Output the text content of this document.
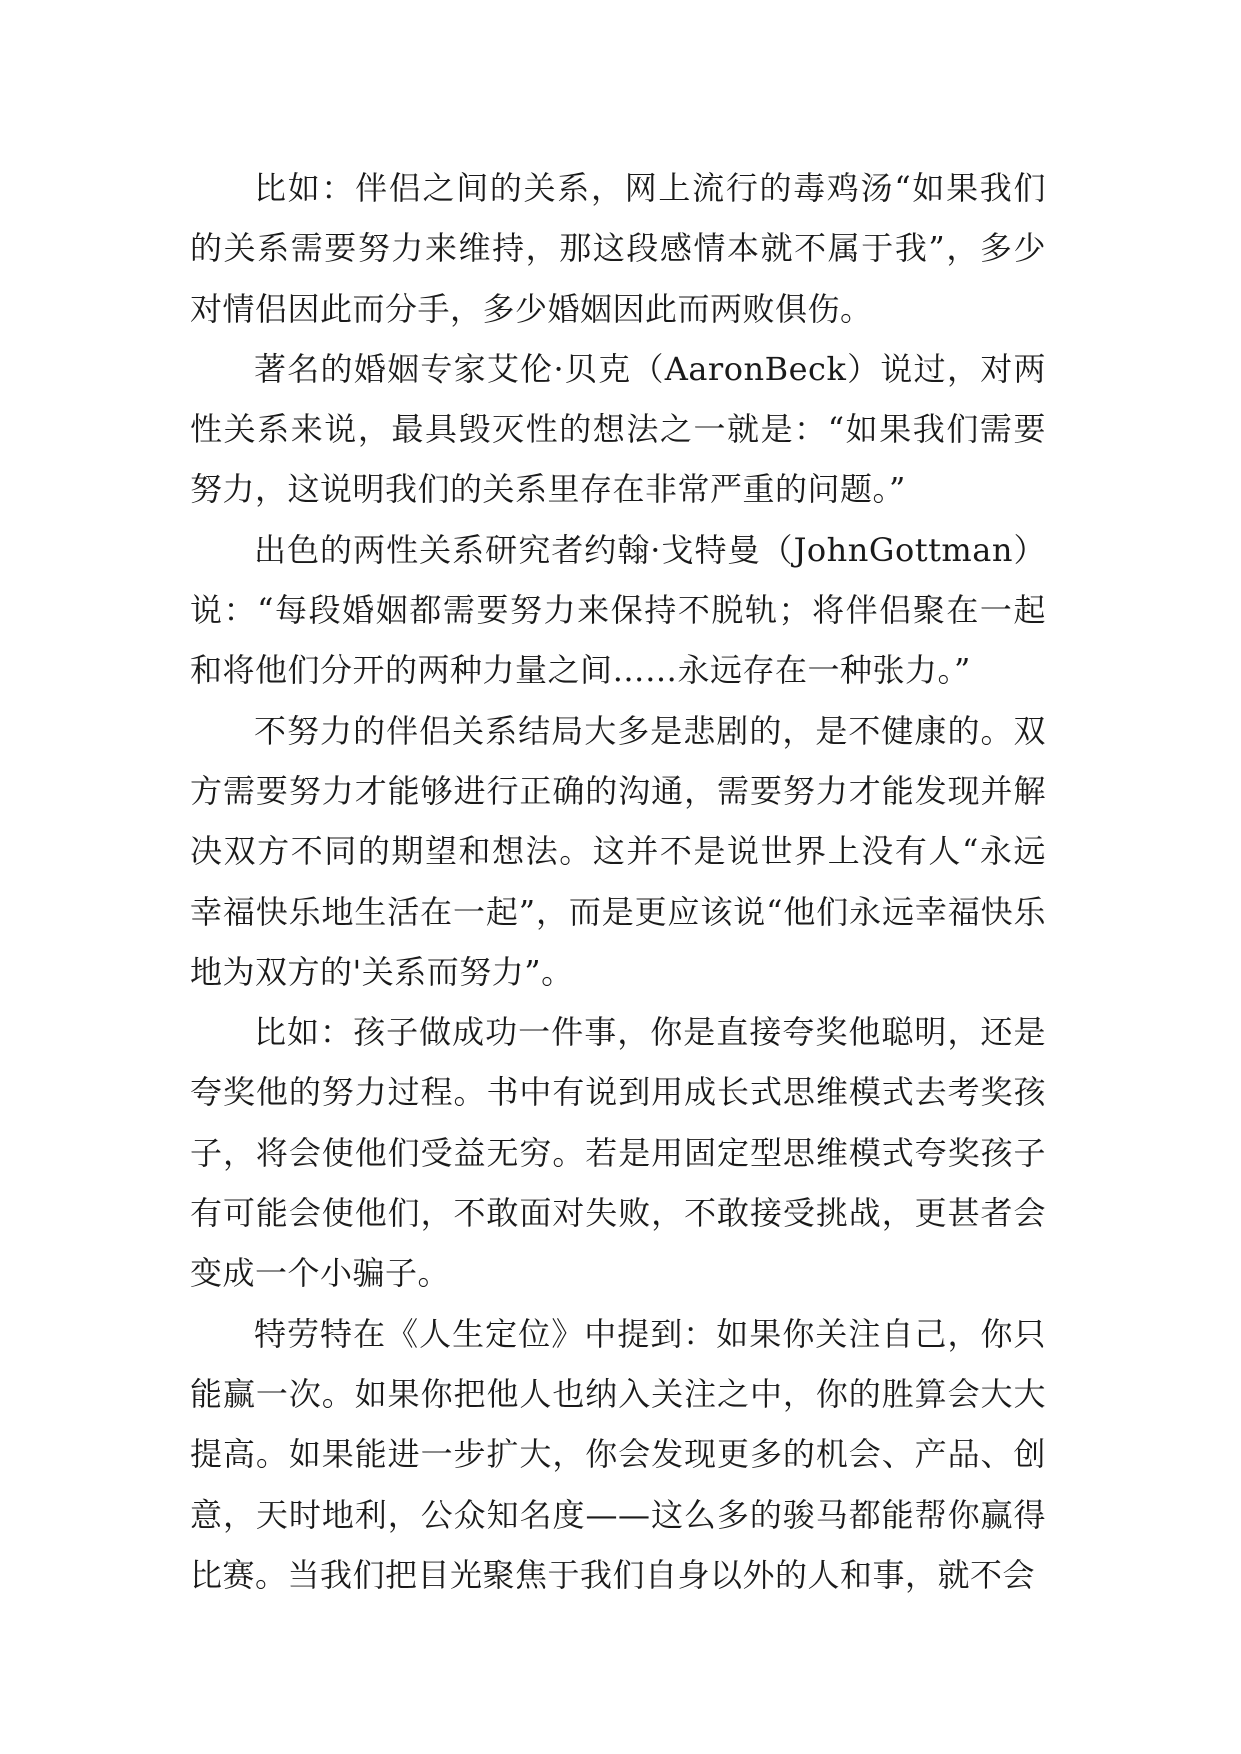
比如：伴侣之间的关系，网上流行的毒鸡汤“如果我们的关系需要努力来维持，那这段感情本就不属于我”，多少对情侣因此而分手，多少婚姻因此而两败俱伤。

著名的婚姻专家艾伦·贝克（AaronBeck）说过，对两性关系来说，最具毁灭性的想法之一就是：“如果我们需要努力，这说明我们的关系里存在非常严重的问题。”

出色的两性关系研究者约翰·戈特曼（JohnGottman）说：“每段婚姻都需要努力来保持不脱轨；将伴侣聚在一起和将他们分开的两种力量之间……永远存在一种张力。”

不努力的伴侣关系结局大多是悲剧的，是不健康的。双方需要努力才能够进行正确的沟通，需要努力才能发现并解决双方不同的期望和想法。这并不是说世界上没有人“永远幸福快乐地生活在一起”，而是更应该说“他们永远幸福快乐地为双方的'关系而努力”。

比如：孩子做成功一件事，你是直接夸奖他聪明，还是夸奖他的努力过程。书中有说到用成长式思维模式去考奖孩子，将会使他们受益无穷。若是用固定型思维模式夸奖孩子有可能会使他们，不敢面对失败，不敢接受挑战，更甚者会变成一个小骗子。

特劳特在《人生定位》中提到：如果你关注自己，你只能赢一次。如果你把他人也纳入关注之中，你的胜算会大大提高。如果能进一步扩大，你会发现更多的机会、产品、创意，天时地利，公众知名度——这么多的骏马都能帮你赢得比赛。当我们把目光聚焦于我们自身以外的人和事，就不会
